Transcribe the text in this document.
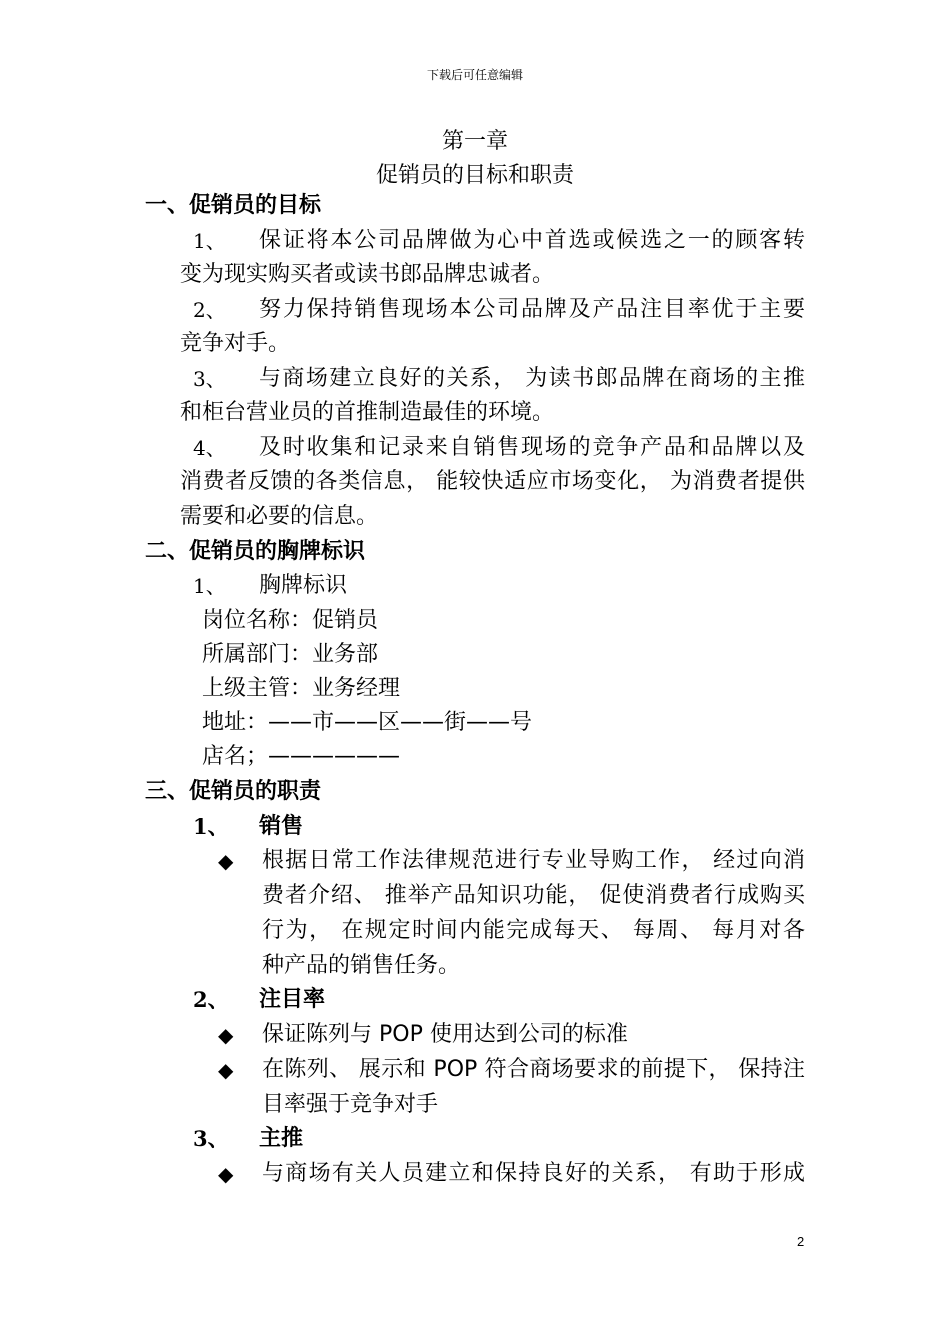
下载后可任意编辑
第一章
促销员的目标和职责
一、促销员的目标
1、 保证将本公司品牌做为心中首选或候选之一的顾客转
变为现实购买者或读书郎品牌忠诚者。
2、 努力保持销售现场本公司品牌及产品注目率优于主要
竞争对手。
3、 与商场建立良好的关系， 为读书郎品牌在商场的主推
和柜台营业员的首推制造最佳的环境。
4、 及时收集和记录来自销售现场的竞争产品和品牌以及
消费者反馈的各类信息， 能较快适应市场变化， 为消费者提供
需要和必要的信息。
二、促销员的胸牌标识
1、 胸牌标识
岗位名称：促销员
所属部门：业务部
上级主管：业务经理
地址：——市——区——街——号
店名；——————
三、促销员的职责
1、 销售
◆ 根据日常工作法律规范进行专业导购工作， 经过向消
费者介绍、 推举产品知识功能， 促使消费者行成购买
行为， 在规定时间内能完成每天、 每周、 每月对各
种产品的销售任务。
2、 注目率
◆ 保证陈列与 POP 使用达到公司的标准
◆ 在陈列、 展示和 POP 符合商场要求的前提下， 保持注
目率强于竞争对手
3、 主推
◆ 与商场有关人员建立和保持良好的关系， 有助于形成
2
